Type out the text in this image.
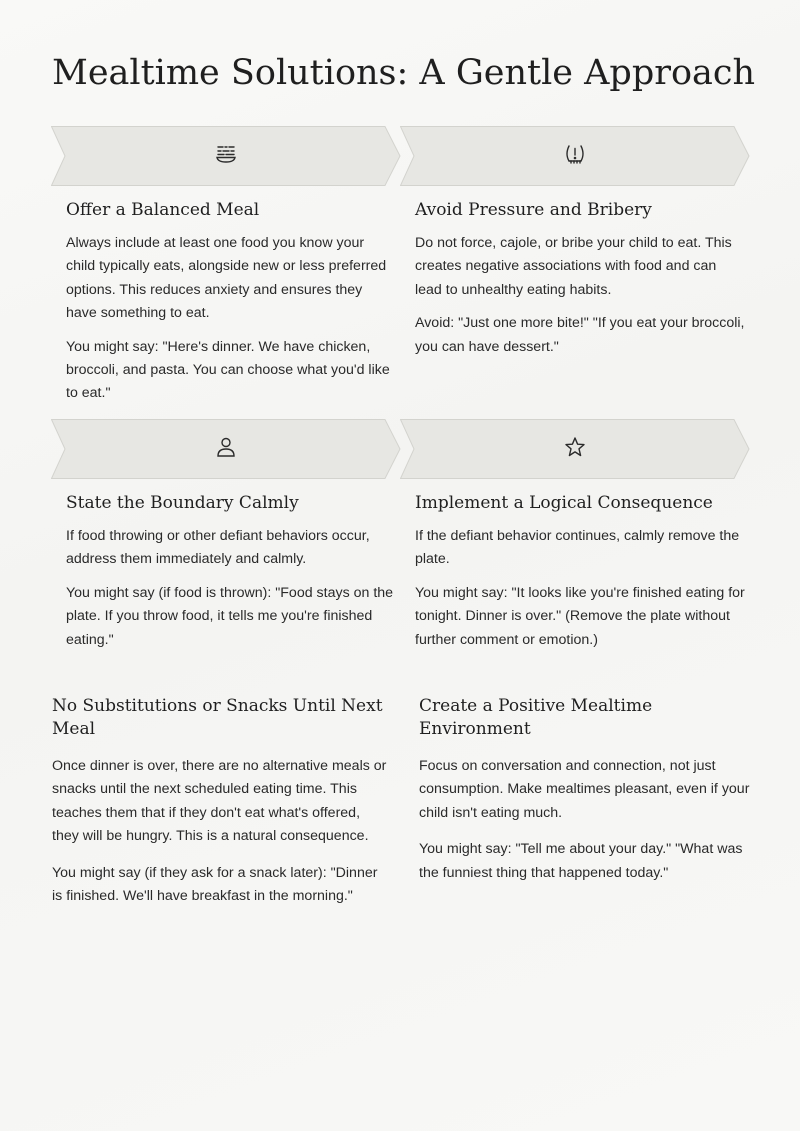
Mealtime Solutions: A Gentle Approach
Offer a Balanced Meal

Always include at least one food you know your child typically eats, alongside new or less preferred options. This reduces anxiety and ensures they have something to eat.

You might say: "Here's dinner. We have chicken, broccoli, and pasta. You can choose what you'd like to eat."

Avoid Pressure and Bribery

Do not force, cajole, or bribe your child to eat. This creates negative associations with food and can lead to unhealthy eating habits.

Avoid: "Just one more bite!" "If you eat your broccoli, you can have dessert."

State the Boundary Calmly

If food throwing or other defiant behaviors occur, address them immediately and calmly.

You might say (if food is thrown): "Food stays on the plate. If you throw food, it tells me you're finished eating."

Implement a Logical Consequence

If the defiant behavior continues, calmly remove the plate.

You might say: "It looks like you're finished eating for tonight. Dinner is over." (Remove the plate without further comment or emotion.)

No Substitutions or Snacks Until Next Meal

Once dinner is over, there are no alternative meals or snacks until the next scheduled eating time. This teaches them that if they don't eat what's offered, they will be hungry. This is a natural consequence.

You might say (if they ask for a snack later): "Dinner is finished. We'll have breakfast in the morning."

Create a Positive Mealtime Environment

Focus on conversation and connection, not just consumption. Make mealtimes pleasant, even if your child isn't eating much.

You might say: "Tell me about your day." "What was the funniest thing that happened today."
